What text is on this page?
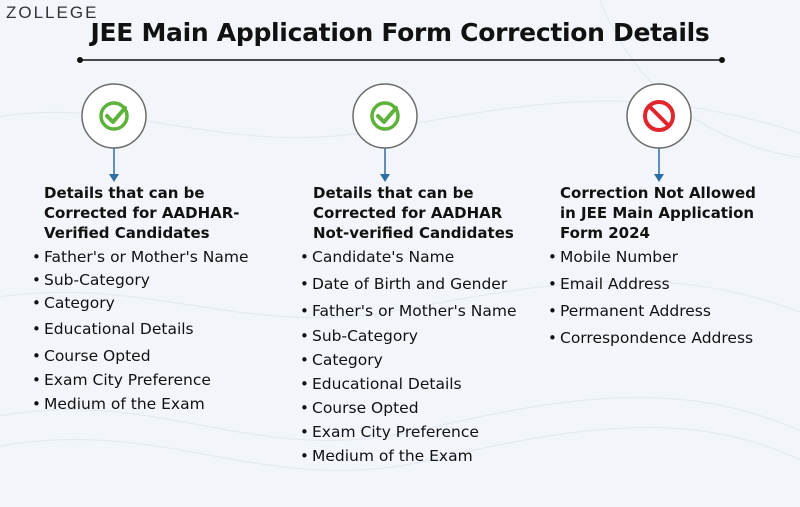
ZOLLEGE
JEE Main Application Form Correction Details
Details that can be
Corrected for AADHAR-
Verified Candidates
• Father's or Mother's Name
• Sub-Category
• Category
• Educational Details
• Course Opted
• Exam City Preference
• Medium of the Exam
Details that can be
Corrected for AADHAR
Not-verified Candidates
• Candidate's Name
• Date of Birth and Gender
• Father's or Mother's Name
• Sub-Category
• Category
• Educational Details
• Course Opted
• Exam City Preference
• Medium of the Exam
Correction Not Allowed
in JEE Main Application
Form 2024
• Mobile Number
• Email Address
• Permanent Address
• Correspondence Address
